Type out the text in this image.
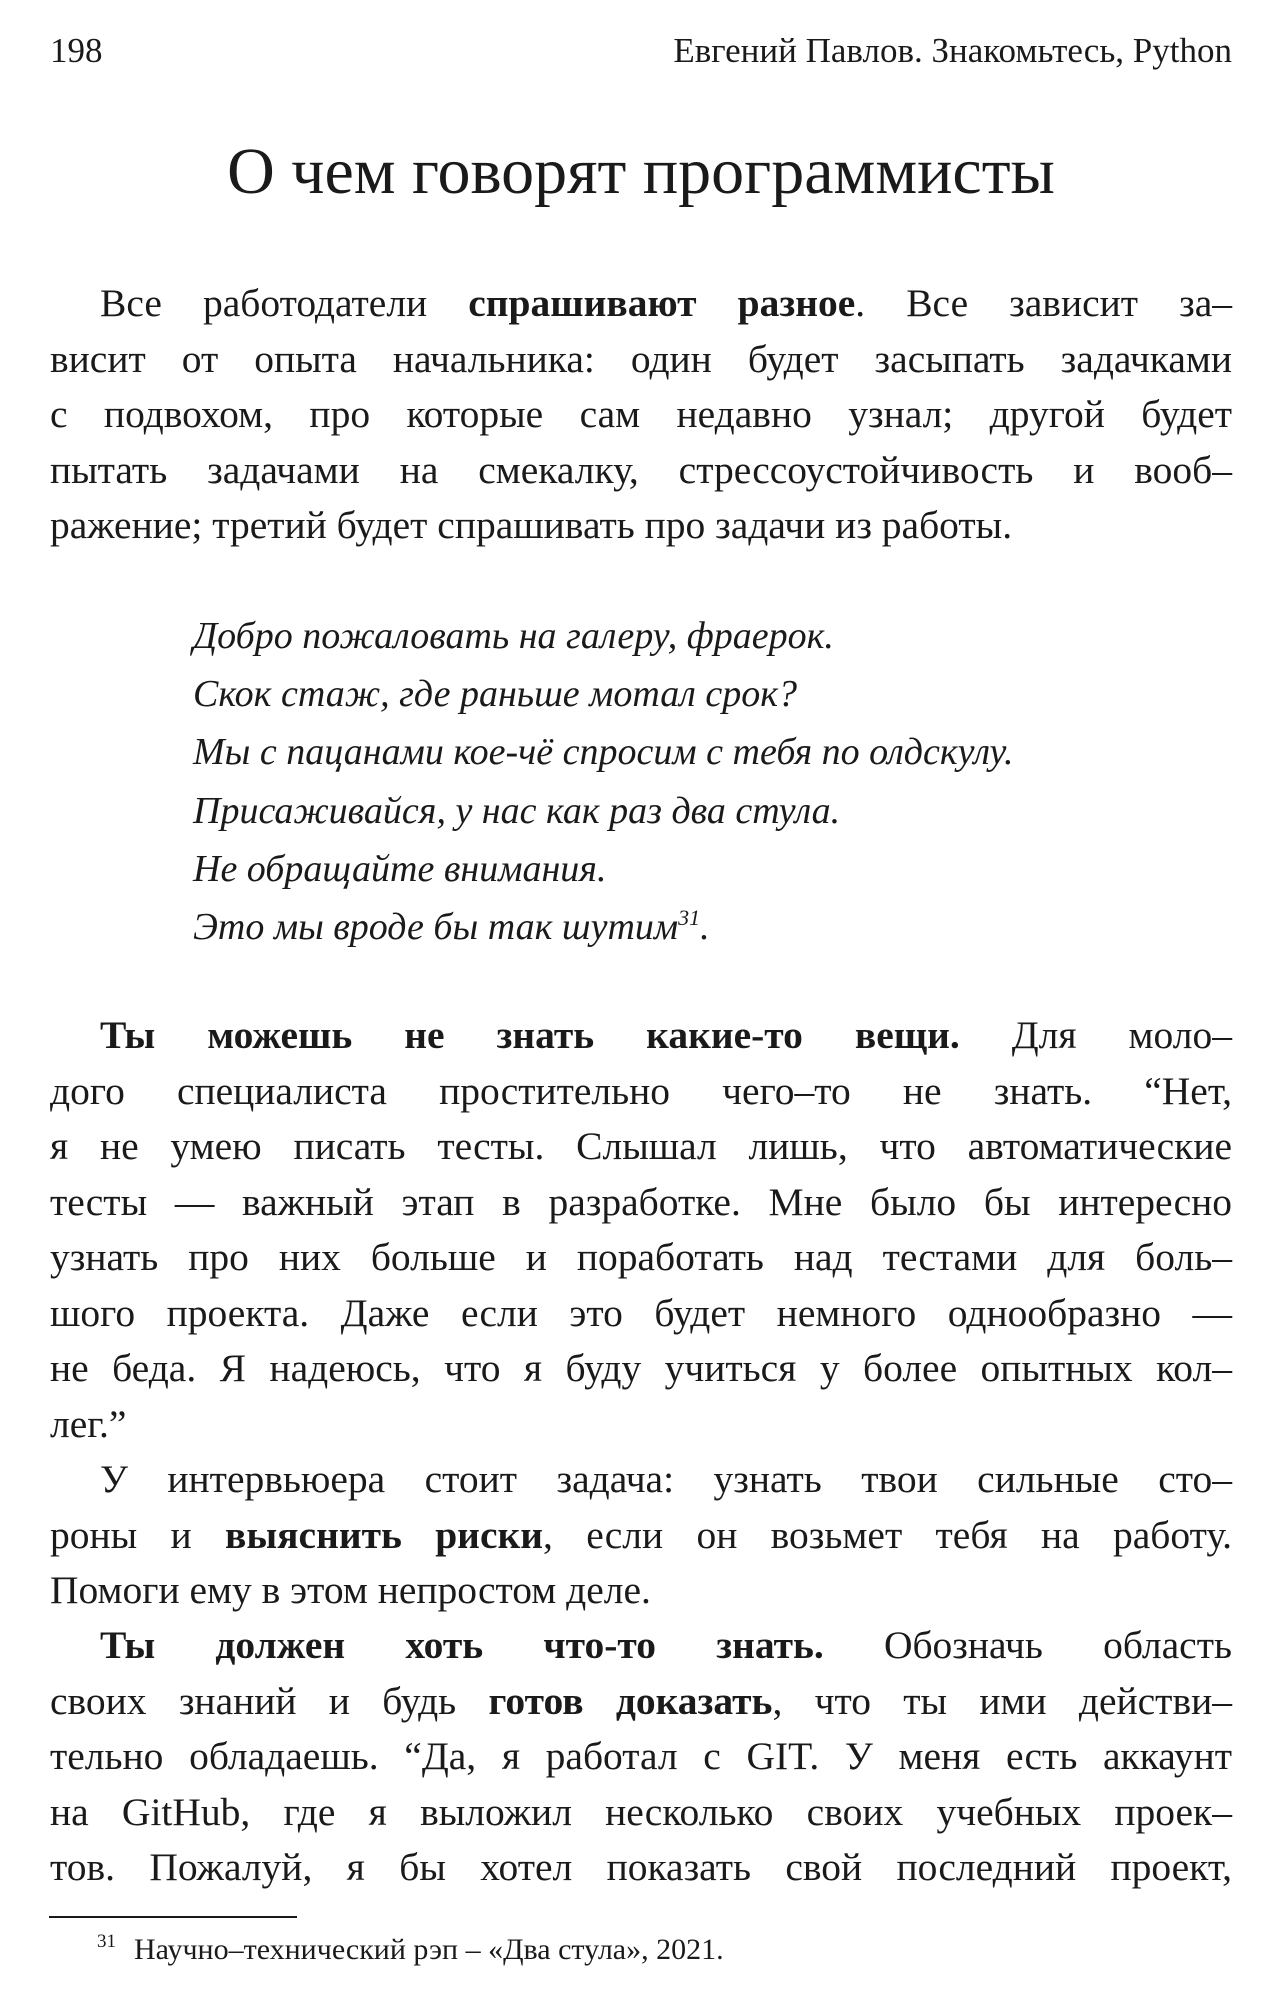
198	Евгений Павлов. Знакомьтесь, Python
О чем говорят программисты
Все работодатели спрашивают разное. Все зависит за–
висит от опыта начальника: один будет засыпать задачками
с подвохом, про которые сам недавно узнал; другой будет
пытать задачами на смекалку, стрессоустойчивость и вооб–
ражение; третий будет спрашивать про задачи из работы.
Добро пожаловать на галеру, фраерок.
Скок стаж, где раньше мотал срок?
Мы с пацанами кое-чё спросим с тебя по олдскулу.
Присаживайся, у нас как раз два стула.
Не обращайте внимания.
Это мы вроде бы так шутим$^{31}$.
Ты можешь не знать какие-то вещи. Для моло–
дого специалиста простительно чего–то не знать. “Нет,
я не умею писать тесты. Слышал лишь, что автоматические
тесты — важный этап в разработке. Мне было бы интересно
узнать про них больше и поработать над тестами для боль–
шого проекта. Даже если это будет немного однообразно —
не беда. Я надеюсь, что я буду учиться у более опытных кол–
лег.”
У интервьюера стоит задача: узнать твои сильные сто–
роны и выяснить риски, если он возьмет тебя на работу.
Помоги ему в этом непростом деле.
Ты должен хоть что-то знать. Обозначь область
своих знаний и будь готов доказать, что ты ими действи–
тельно обладаешь. “Да, я работал с GIT. У меня есть аккаунт
на GitHub, где я выложил несколько своих учебных проек–
тов. Пожалуй, я бы хотел показать свой последний проект,
$^{31}$ Научно–технический рэп – «Два стула», 2021.
